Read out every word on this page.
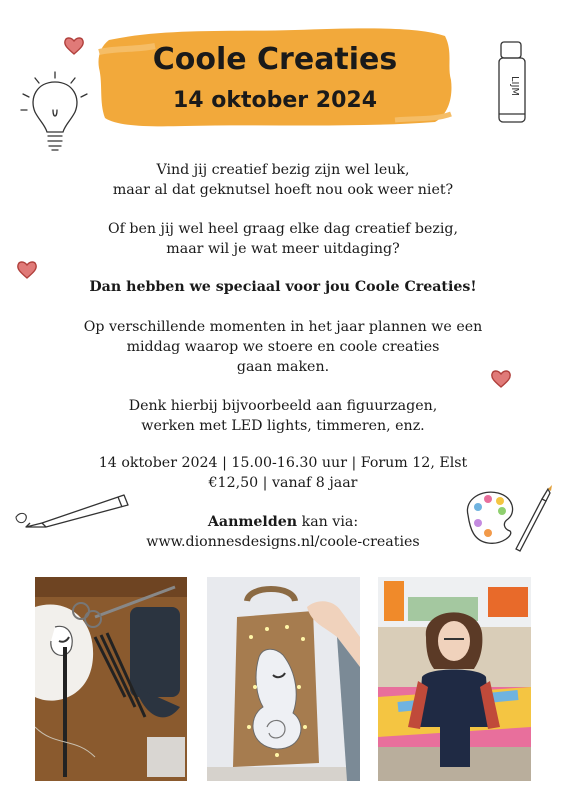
LIJM
Coole Creaties
14 oktober 2024

Vind jij creatief bezig zijn wel leuk,

maar al dat geknutsel hoeft nou ook weer niet?

Of ben jij wel heel graag elke dag creatief bezig,

maar wil je wat meer uitdaging?

Dan hebben we speciaal voor jou Coole Creaties!

Op verschillende momenten in het jaar plannen we een

middag waarop we stoere en coole creaties

gaan maken.

Denk hierbij bijvoorbeeld aan figuurzagen,

werken met LED lights, timmeren, enz.

14 oktober 2024 | 15.00-16.30 uur | Forum 12, Elst

€12,50 | vanaf 8 jaar

Aanmelden kan via:

www.dionnesdesigns.nl/coole-creaties
